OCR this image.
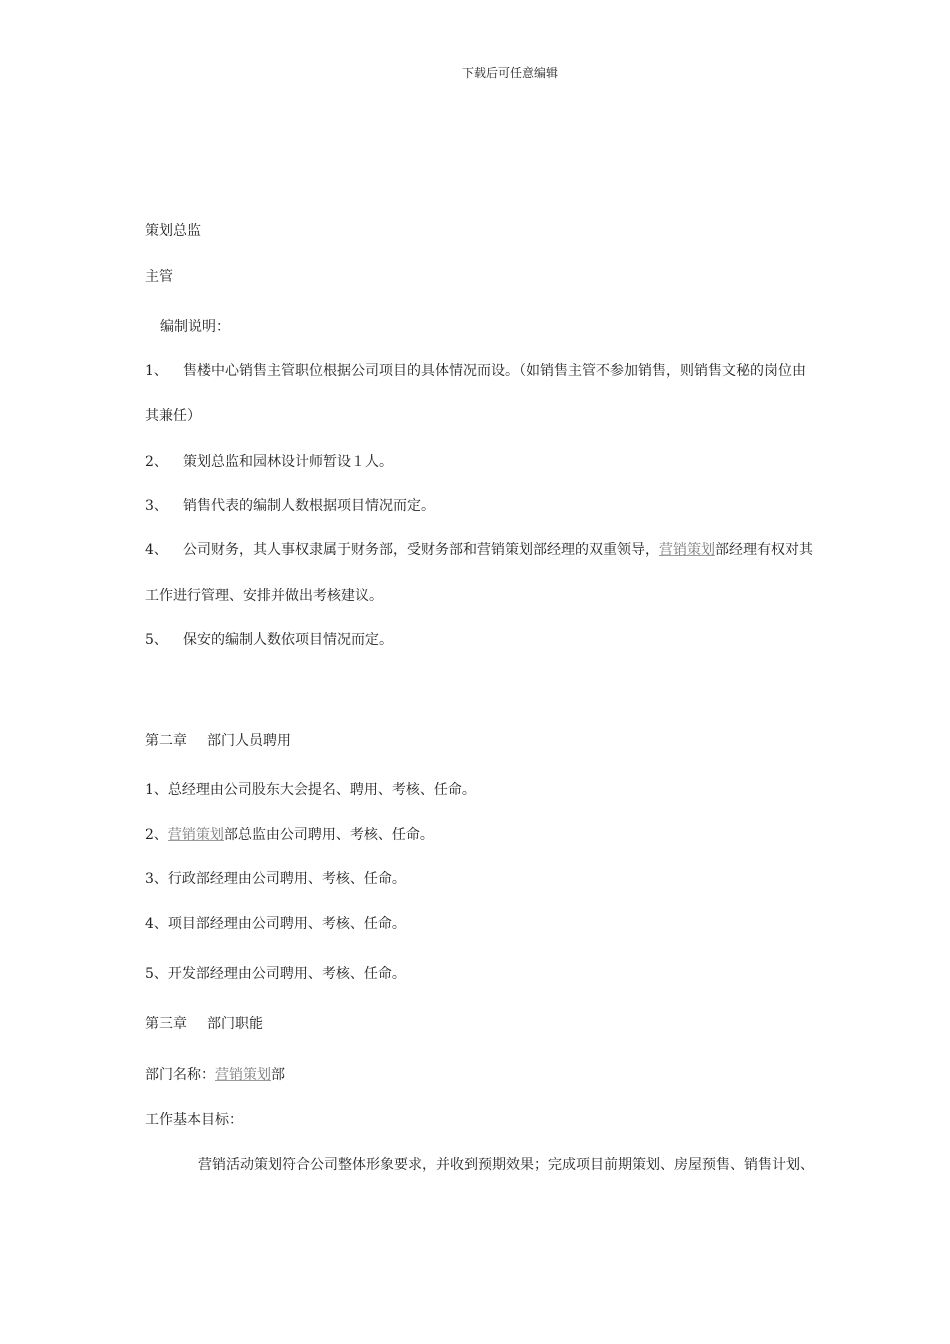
下载后可任意编辑
策划总监
主管
编制说明：
1、 售楼中心销售主管职位根据公司项目的具体情况而设。（如销售主管不参加销售，则销售文秘的岗位由
其兼任）
2、 策划总监和园林设计师暂设１人。
3、 销售代表的编制人数根据项目情况而定。
4、 公司财务，其人事权隶属于财务部，受财务部和营销策划部经理的双重领导，营销策划部经理有权对其
工作进行管理、安排并做出考核建议。
5、 保安的编制人数依项目情况而定。
第二章 部门人员聘用
1、总经理由公司股东大会提名、聘用、考核、任命。
2、营销策划部总监由公司聘用、考核、任命。
3、行政部经理由公司聘用、考核、任命。
4、项目部经理由公司聘用、考核、任命。
5、开发部经理由公司聘用、考核、任命。
第三章 部门职能
部门名称：营销策划部
工作基本目标：
营销活动策划符合公司整体形象要求，并收到预期效果；完成项目前期策划、房屋预售、销售计划、
